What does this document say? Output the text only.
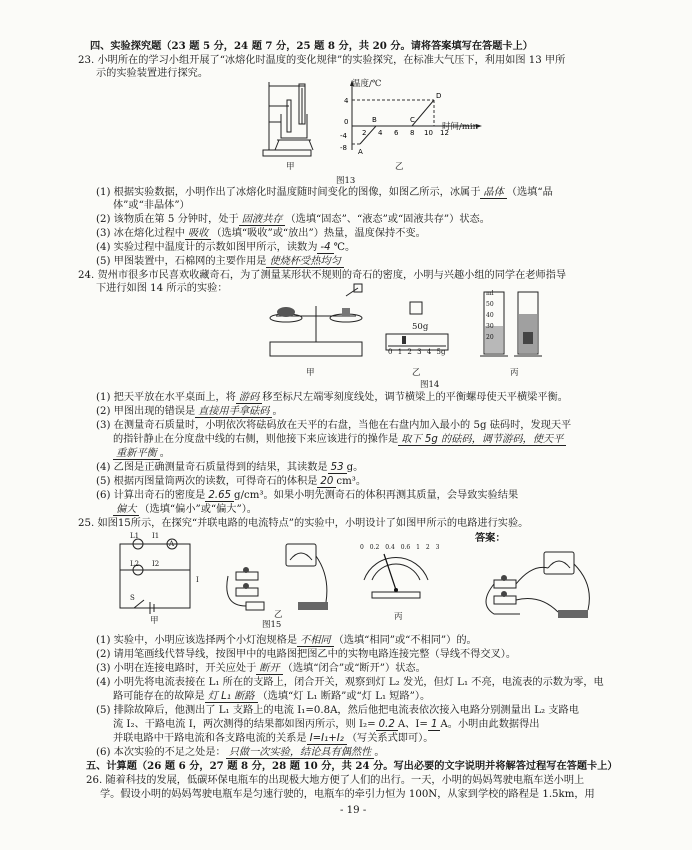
四、实验探究题（23 题 5 分，24 题 7 分，25 题 8 分，共 20 分。请将答案填写在答题卡上）
23. 小明所在的学习小组开展了“冰熔化时温度的变化规律”的实验探究，在标准大气压下，利用如图 13 甲所
示的实验装置进行探究。
甲
4
0
-4
-8
2 4 6 8 10 12
A
B	C
D
温度/℃
时间/min
乙
图13
(1) 根据实验数据，小明作出了冰熔化时温度随时间变化的图像，如图乙所示，冰属于 晶体 （选填“晶
体”或“非晶体”）
(2) 该物质在第 5 分钟时，处于 固液共存 （选填“固态”、“液态”或“固液共存”）状态。
(3) 冰在熔化过程中 吸收 （选填“吸收”或“放出”）热量，温度保持不变。
(4) 实验过程中温度计的示数如图甲所示，读数为 -4 ℃。
(5) 甲图装置中，石棉网的主要作用是 使烧杯受热均匀
24. 贺州市很多市民喜欢收藏奇石，为了测量某形状不规则的奇石的密度，小明与兴趣小组的同学在老师指导
下进行如图 14 所示的实验：
甲
50g
0 1 2 3 4 5g
乙
ml
50
40
30
20
丙
图14
(1) 把天平放在水平桌面上，将 游码 移至标尺左端零刻度线处，调节横梁上的平衡螺母使天平横梁平衡。
(2) 甲图出现的错误是 直接用手拿砝码 。
(3) 在测量奇石质量时，小明依次将砝码放在天平的右盘，当他在右盘内加入最小的 5g 砝码时，发现天平
的指针静止在分度盘中线的右侧，则他接下来应该进行的操作是 取下 5g 的砝码，调节游码，使天平
重新平衡 。
(4) 乙图是正确测量奇石质量得到的结果，其读数是 53 g。
(5) 根据丙图量筒两次的读数，可得奇石的体积是 20 cm³。
(6) 计算出奇石的密度是 2.65 g/cm³。如果小明先测奇石的体积再测其质量，会导致实验结果
偏大 （选填“偏小”或“偏大”）。
25. 如图15所示，在探究“并联电路的电流特点”的实验中，小明设计了如图甲所示的电路进行实验。
答案：
L1 I1
A
L2 I2
S
I
甲
乙
0 0.2 0.4 0.6 1 2 3
丙
图15
(1) 实验中，小明应该选择两个小灯泡规格是 不相同 （选填“相同”或“不相同”）的。
(2) 请用笔画线代替导线，按图甲中的电路图把图乙中的实物电路连接完整（导线不得交叉）。
(3) 小明在连接电路时，开关应处于 断开 （选填“闭合”或“断开”）状态。
(4) 小明先将电流表接在 L₁ 所在的支路上，闭合开关，观察到灯 L₂ 发光，但灯 L₁ 不亮，电流表的示数为零，电
路可能存在的故障是 灯 L₁ 断路 （选填“灯 L₁ 断路”或“灯 L₁ 短路”）。
(5) 排除故障后，他测出了 L₁ 支路上的电流 I₁=0.8A，然后他把电流表依次接入电路分别测量出 L₂ 支路电
流 I₂、干路电流 I，两次测得的结果都如图丙所示，则 I₂= 0.2 A、I= 1 A。小明由此数据得出
并联电路中干路电流和各支路电流的关系是 I=I₁+I₂ （写关系式即可）。
(6) 本次实验的不足之处是： 只做一次实验，结论具有偶然性 。
五、计算题（26 题 6 分，27 题 8 分，28 题 10 分，共 24 分。写出必要的文字说明并将解答过程写在答题卡上）
26. 随着科技的发展，低碳环保电瓶车的出现极大地方便了人们的出行。一天，小明的妈妈驾驶电瓶车送小明上
学。假设小明的妈妈驾驶电瓶车是匀速行驶的，电瓶车的牵引力恒为 100N，从家到学校的路程是 1.5km，用
- 19 -
